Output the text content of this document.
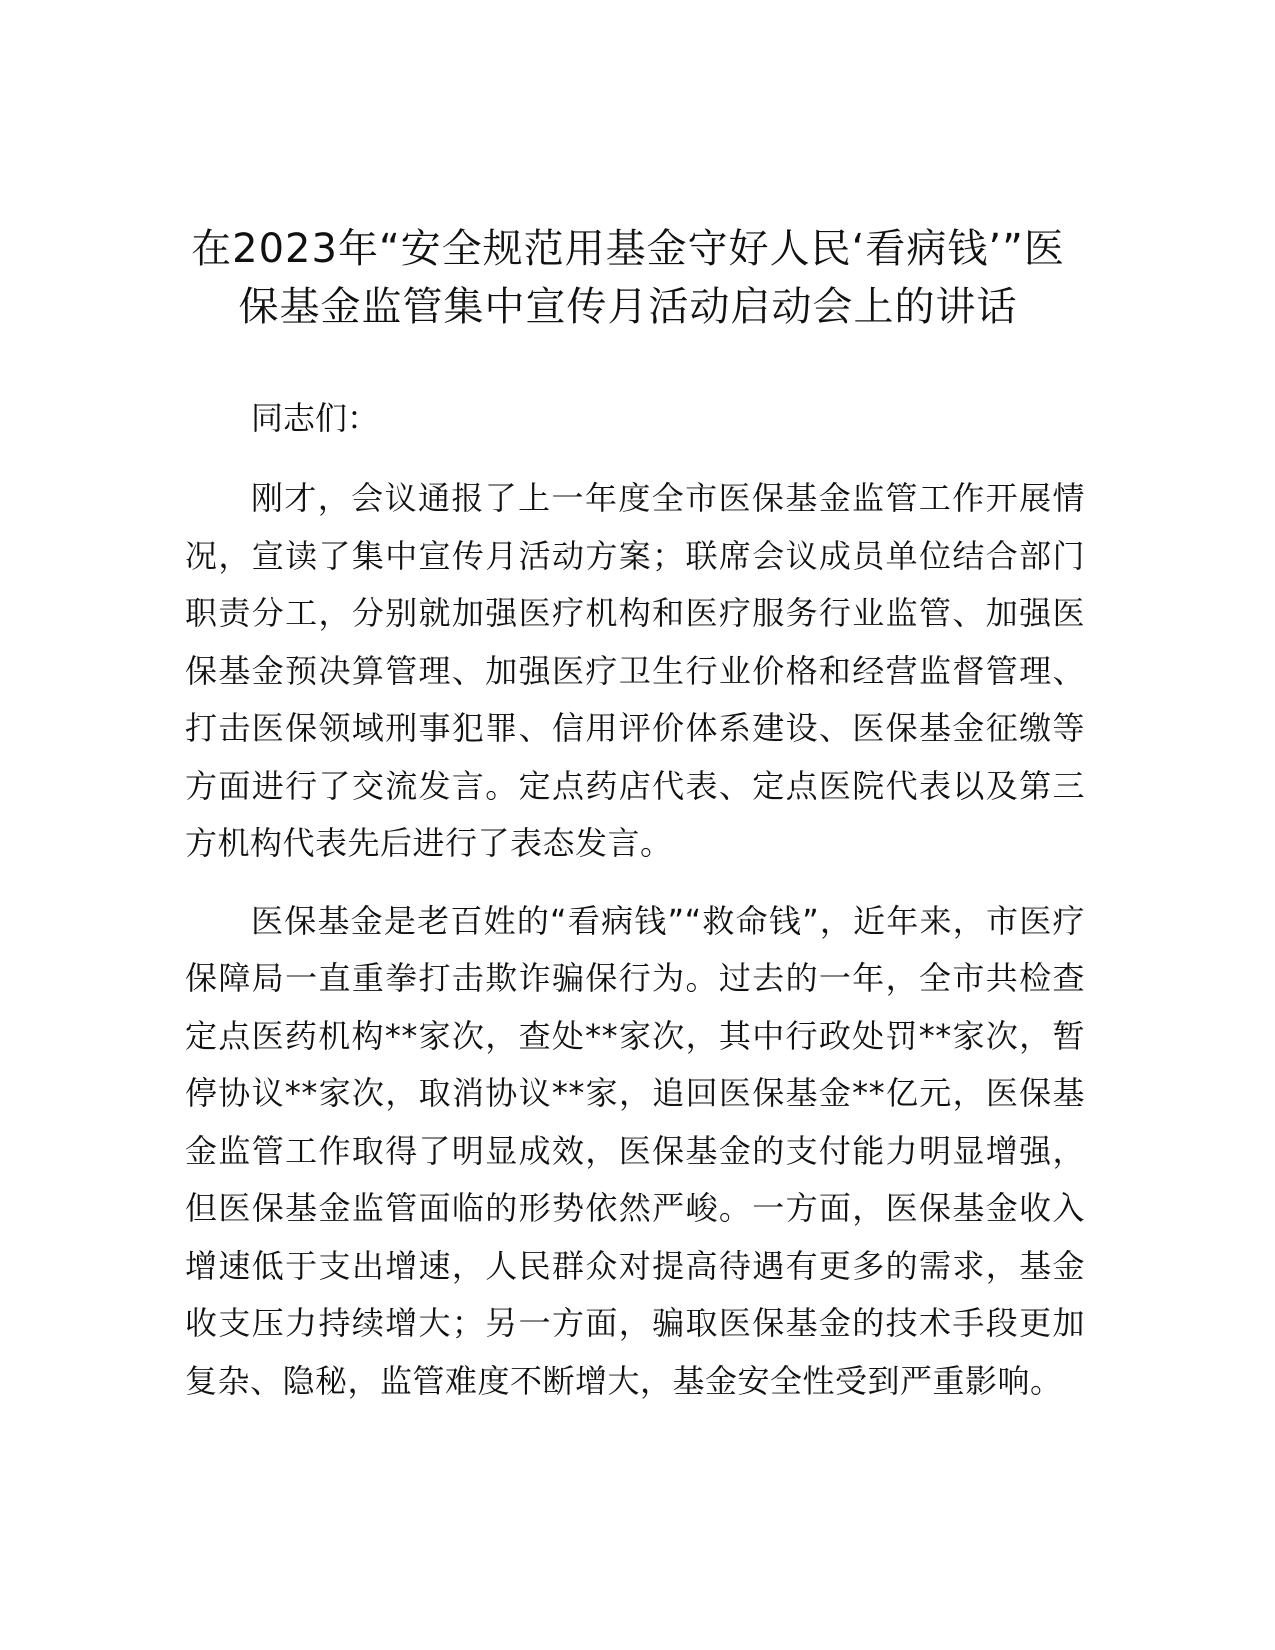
在2023年“安全规范用基金守好人民‘看病钱’”医保基金监管集中宣传月活动启动会上的讲话

同志们：

刚才，会议通报了上一年度全市医保基金监管工作开展情况，宣读了集中宣传月活动方案；联席会议成员单位结合部门职责分工，分别就加强医疗机构和医疗服务行业监管、加强医保基金预决算管理、加强医疗卫生行业价格和经营监督管理、打击医保领域刑事犯罪、信用评价体系建设、医保基金征缴等方面进行了交流发言。定点药店代表、定点医院代表以及第三方机构代表先后进行了表态发言。

医保基金是老百姓的“看病钱”“救命钱”，近年来，市医疗保障局一直重拳打击欺诈骗保行为。过去的一年，全市共检查定点医药机构**家次，查处**家次，其中行政处罚**家次，暂停协议**家次，取消协议**家，追回医保基金**亿元，医保基金监管工作取得了明显成效，医保基金的支付能力明显增强，但医保基金监管面临的形势依然严峻。一方面，医保基金收入增速低于支出增速，人民群众对提高待遇有更多的需求，基金收支压力持续增大；另一方面，骗取医保基金的技术手段更加复杂、隐秘，监管难度不断增大，基金安全性受到严重影响。
